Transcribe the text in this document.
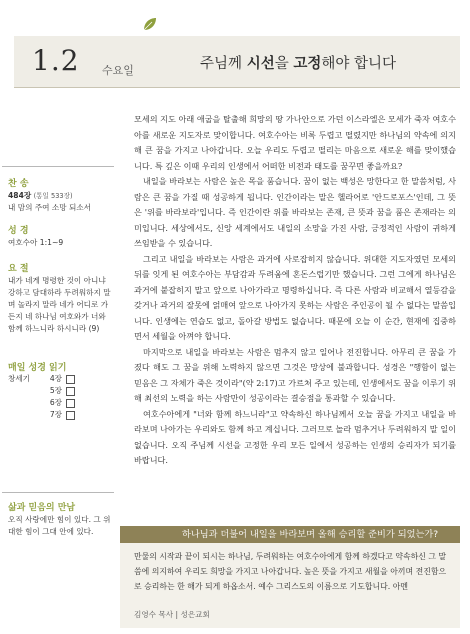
1.2 수요일	주님께 시선을 고정해야 합니다
찬 송
484장 (통일 533장)
내 맘의 주여 소망 되소서
성 경
여호수아 1:1~9
요 절
내가 네게 명령한 것이 아니냐 강하고 담대하라 두려워하지 말며 놀라지 말라 네가 어디로 가든지 네 하나님 여호와가 너와 함께 하느니라 하시니라 (9)
매일 성경 읽기
창세기	4장
5장
6장
7장
삶과 믿음의 만남
오직 사랑에만 힘이 있다. 그 위대한 힘이 그대 안에 있다.

모세의 지도 아래 애굽을 탈출해 희망의 땅 가나안으로 가던 이스라엘은 모세가 죽자 여호수아를 새로운 지도자로 맞이합니다. 여호수아는 비록 두렵고 떨렸지만 하나님의 약속에 의지해 큰 꿈을 가지고 나아갑니다. 오늘 우리도 두렵고 떨리는 마음으로 새로운 해를 맞이했습니다. 특 깊은 이때 우리의 인생에서 어떠한 비전과 태도를 꿈꾸면 좋을까요?

내일을 바라보는 사람은 높은 목을 품습니다. 꿈이 없는 백성은 망한다고 한 말씀처럼, 사람은 큰 꿈을 가질 때 성공하게 됩니다. 인간이라는 말은 헬라어로 '안드로포스'인데, 그 뜻은 '위를 바라보라'입니다. 즉 인간이란 위를 바라보는 존재, 큰 뜻과 꿈을 품은 존재라는 의미입니다. 세상에서도, 신앙 세계에서도 내일의 소망을 가진 사람, 긍정적인 사람이 귀하게 쓰임받을 수 있습니다.

그리고 내일을 바라보는 사람은 과거에 사로잡히지 않습니다. 위대한 지도자였던 모세의 뒤를 잇게 된 여호수아는 부담감과 두려움에 혼돈스럽기만 했습니다. 그런 그에게 하나님은 과거에 붙잡히지 말고 앞으로 나아가라고 명령하십니다. 즉 다른 사람과 비교해서 열등감을 갖거나 과거의 잘못에 얽매여 앞으로 나아가지 못하는 사람은 주인공이 될 수 없다는 말씀입니다. 인생에는 연습도 없고, 돌아갈 방법도 없습니다. 때문에 오늘 이 순간, 현재에 집중하면서 세월을 아껴야 합니다.

마지막으로 내일을 바라보는 사람은 멈추지 않고 일어나 전진합니다. 아무리 큰 꿈을 가졌다 해도 그 꿈을 위해 노력하지 않으면 그것은 망상에 불과합니다. 성경은 "행함이 없는 믿음은 그 자체가 죽은 것이라"(약 2:17)고 가르쳐 주고 있는데, 인생에서도 꿈을 이루기 위해 최선의 노력을 하는 사람만이 성공이라는 결승점을 통과할 수 있습니다.

여호수아에게 "너와 함께 하느니라"고 약속하신 하나님께서 오늘 꿈을 가지고 내일을 바라보며 나아가는 우리와도 함께 하고 계십니다. 그러므로 놀라 멈추거나 두려워하지 말 일이 없습니다. 오직 주님께 시선을 고정한 우리 모든 일에서 성공하는 인생의 승리자가 되기를 바랍니다.

하나님과 더불어 내일을 바라보며 올해 승리할 준비가 되었는가?
만물의 시작과 끝이 되시는 하나님, 두려워하는 여호수아에게 함께 하겠다고 약속하신 그 말씀에 의지하여 우리도 희망을 가지고 나아갑니다. 높은 뜻을 가지고 새월을 아끼며 전진함으로 승리하는 한 해가 되게 하옵소서. 예수 그리스도의 이름으로 기도합니다. 아멘
김영수 목사 | 성은교회
